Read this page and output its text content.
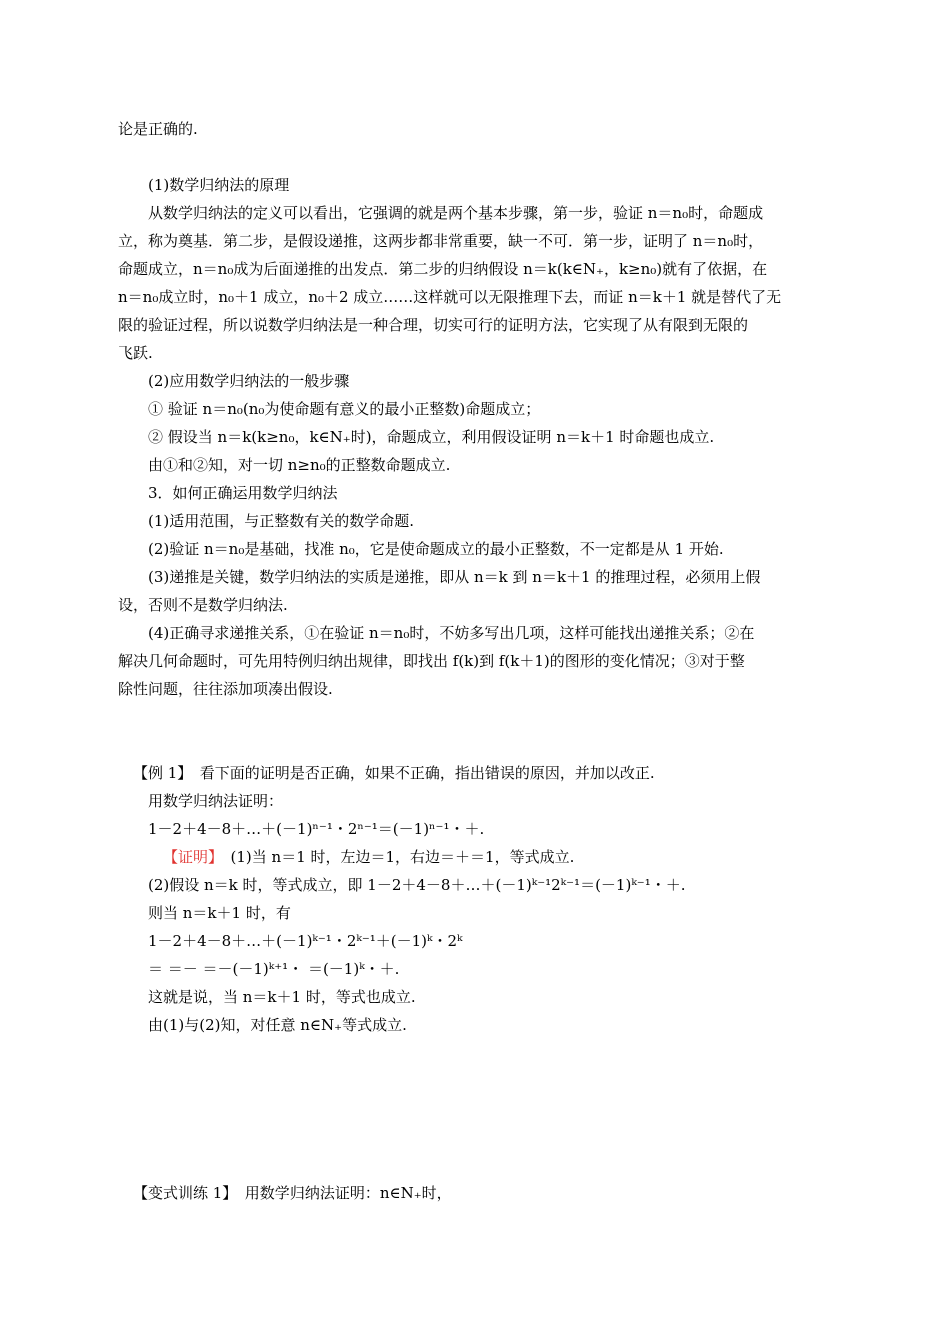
论是正确的.
(1)数学归纳法的原理
从数学归纳法的定义可以看出，它强调的就是两个基本步骤，第一步，验证 n＝n₀时，命题成
立，称为奠基．第二步，是假设递推，这两步都非常重要，缺一不可．第一步，证明了 n＝n₀时，
命题成立，n＝n₀成为后面递推的出发点．第二步的归纳假设 n＝k(k∈N₊，k≥n₀)就有了依据，在
n＝n₀成立时，n₀＋1 成立，n₀＋2 成立……这样就可以无限推理下去，而证 n＝k＋1 就是替代了无
限的验证过程，所以说数学归纳法是一种合理，切实可行的证明方法，它实现了从有限到无限的
飞跃.
(2)应用数学归纳法的一般步骤
① 验证 n＝n₀(n₀为使命题有意义的最小正整数)命题成立；
② 假设当 n＝k(k≥n₀，k∈N₊时)，命题成立，利用假设证明 n＝k＋1 时命题也成立.
由①和②知，对一切 n≥n₀的正整数命题成立.
3．如何正确运用数学归纳法
(1)适用范围，与正整数有关的数学命题.
(2)验证 n＝n₀是基础，找准 n₀，它是使命题成立的最小正整数，不一定都是从 1 开始.
(3)递推是关键，数学归纳法的实质是递推，即从 n＝k 到 n＝k＋1 的推理过程，必须用上假
设，否则不是数学归纳法.
(4)正确寻求递推关系，①在验证 n＝n₀时，不妨多写出几项，这样可能找出递推关系；②在
解决几何命题时，可先用特例归纳出规律，即找出 f(k)到 f(k＋1)的图形的变化情况；③对于整
除性问题，往往添加项凑出假设.
【例 1】　看下面的证明是否正确，如果不正确，指出错误的原因，并加以改正.
用数学归纳法证明：
1－2＋4－8＋…＋(－1)ⁿ⁻¹・2ⁿ⁻¹＝(－1)ⁿ⁻¹・＋.
【证明】　(1)当 n＝1 时，左边＝1，右边＝＋＝1，等式成立.
(2)假设 n＝k 时，等式成立，即 1－2＋4－8＋…＋(－1)ᵏ⁻¹2ᵏ⁻¹＝(－1)ᵏ⁻¹・＋.
则当 n＝k＋1 时，有
1－2＋4－8＋…＋(－1)ᵏ⁻¹・2ᵏ⁻¹＋(－1)ᵏ・2ᵏ
＝ ＝－ ＝－(－1)ᵏ⁺¹・ ＝(－1)ᵏ・＋.
这就是说，当 n＝k＋1 时，等式也成立.
由(1)与(2)知，对任意 n∈N₊等式成立.
【变式训练 1】　用数学归纳法证明：n∈N₊时，
